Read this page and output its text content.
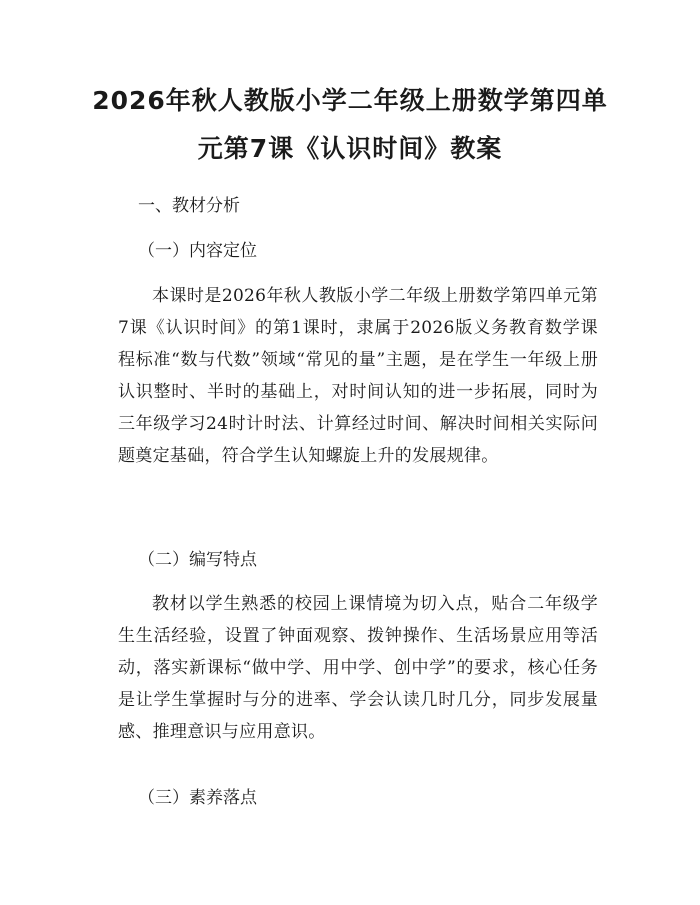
2026年秋人教版小学二年级上册数学第四单
元第7课《认识时间》教案

一、教材分析

（一）内容定位

本课时是2026年秋人教版小学二年级上册数学第四单元第7课《认识时间》的第1课时，隶属于2026版义务教育数学课程标准“数与代数”领域“常见的量”主题，是在学生一年级上册认识整时、半时的基础上，对时间认知的进一步拓展，同时为三年级学习24时计时法、计算经过时间、解决时间相关实际问题奠定基础，符合学生认知螺旋上升的发展规律。

（二）编写特点

教材以学生熟悉的校园上课情境为切入点，贴合二年级学生生活经验，设置了钟面观察、拨钟操作、生活场景应用等活动，落实新课标“做中学、用中学、创中学”的要求，核心任务是让学生掌握时与分的进率、学会认读几时几分，同步发展量感、推理意识与应用意识。

（三）素养落点
